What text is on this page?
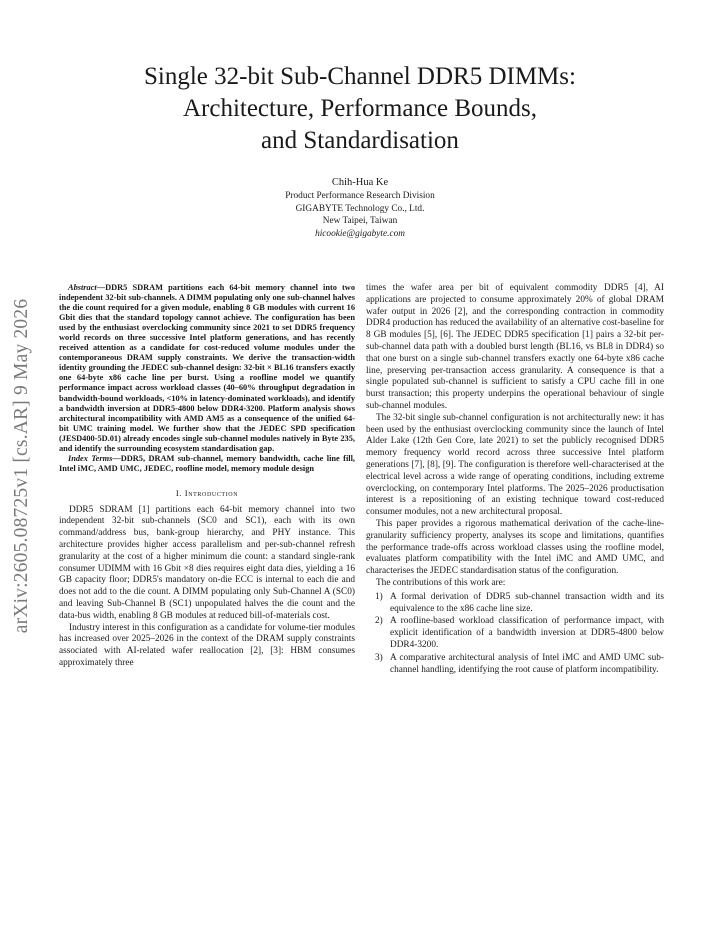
arXiv:2605.08725v1 [cs.AR] 9 May 2026
Single 32-bit Sub-Channel DDR5 DIMMs:
Architecture, Performance Bounds,
and Standardisation
Chih-Hua Ke
Product Performance Research Division
GIGABYTE Technology Co., Ltd.
New Taipei, Taiwan
hicookie@gigabyte.com

Abstract—DDR5 SDRAM partitions each 64-bit memory channel into two independent 32-bit sub-channels. A DIMM populating only one sub-channel halves the die count required for a given module, enabling 8 GB modules with current 16 Gbit dies that the standard topology cannot achieve. The configuration has been used by the enthusiast overclocking community since 2021 to set DDR5 frequency world records on three successive Intel platform generations, and has recently received attention as a candidate for cost-reduced volume modules under the contemporaneous DRAM supply constraints. We derive the transaction-width identity grounding the JEDEC sub-channel design: 32-bit × BL16 transfers exactly one 64-byte x86 cache line per burst. Using a roofline model we quantify performance impact across workload classes (40–60% throughput degradation in bandwidth-bound workloads, <10% in latency-dominated workloads), and identify a bandwidth inversion at DDR5-4800 below DDR4-3200. Platform analysis shows architectural incompatibility with AMD AM5 as a consequence of the unified 64-bit UMC training model. We further show that the JEDEC SPD specification (JESD400-5D.01) already encodes single sub-channel modules natively in Byte 235, and identify the surrounding ecosystem standardisation gap.

Index Terms—DDR5, DRAM sub-channel, memory bandwidth, cache line fill, Intel iMC, AMD UMC, JEDEC, roofline model, memory module design

I. Introduction

DDR5 SDRAM [1] partitions each 64-bit memory channel into two independent 32-bit sub-channels (SC0 and SC1), each with its own command/address bus, bank-group hierarchy, and PHY instance. This architecture provides higher access parallelism and per-sub-channel refresh granularity at the cost of a higher minimum die count: a standard single-rank consumer UDIMM with 16 Gbit ×8 dies requires eight data dies, yielding a 16 GB capacity floor; DDR5's mandatory on-die ECC is internal to each die and does not add to the die count. A DIMM populating only Sub-Channel A (SC0) and leaving Sub-Channel B (SC1) unpopulated halves the die count and the data-bus width, enabling 8 GB modules at reduced bill-of-materials cost.

Industry interest in this configuration as a candidate for volume-tier modules has increased over 2025–2026 in the context of the DRAM supply constraints associated with AI-related wafer reallocation [2], [3]: HBM consumes approximately three

times the wafer area per bit of equivalent commodity DDR5 [4], AI applications are projected to consume approximately 20% of global DRAM wafer output in 2026 [2], and the corresponding contraction in commodity DDR4 production has reduced the availability of an alternative cost-baseline for 8 GB modules [5], [6]. The JEDEC DDR5 specification [1] pairs a 32-bit per-sub-channel data path with a doubled burst length (BL16, vs BL8 in DDR4) so that one burst on a single sub-channel transfers exactly one 64-byte x86 cache line, preserving per-transaction access granularity. A consequence is that a single populated sub-channel is sufficient to satisfy a CPU cache fill in one burst transaction; this property underpins the operational behaviour of single sub-channel modules.

The 32-bit single sub-channel configuration is not architecturally new: it has been used by the enthusiast overclocking community since the launch of Intel Alder Lake (12th Gen Core, late 2021) to set the publicly recognised DDR5 memory frequency world record across three successive Intel platform generations [7], [8], [9]. The configuration is therefore well-characterised at the electrical level across a wide range of operating conditions, including extreme overclocking, on contemporary Intel platforms. The 2025–2026 productisation interest is a repositioning of an existing technique toward cost-reduced consumer modules, not a new architectural proposal.

This paper provides a rigorous mathematical derivation of the cache-line-granularity sufficiency property, analyses its scope and limitations, quantifies the performance trade-offs across workload classes using the roofline model, evaluates platform compatibility with the Intel iMC and AMD UMC, and characterises the JEDEC standardisation status of the configuration.

The contributions of this work are:

1) A formal derivation of DDR5 sub-channel transaction width and its equivalence to the x86 cache line size.
2) A roofline-based workload classification of performance impact, with explicit identification of a bandwidth inversion at DDR5-4800 below DDR4-3200.
3) A comparative architectural analysis of Intel iMC and AMD UMC sub-channel handling, identifying the root cause of platform incompatibility.
